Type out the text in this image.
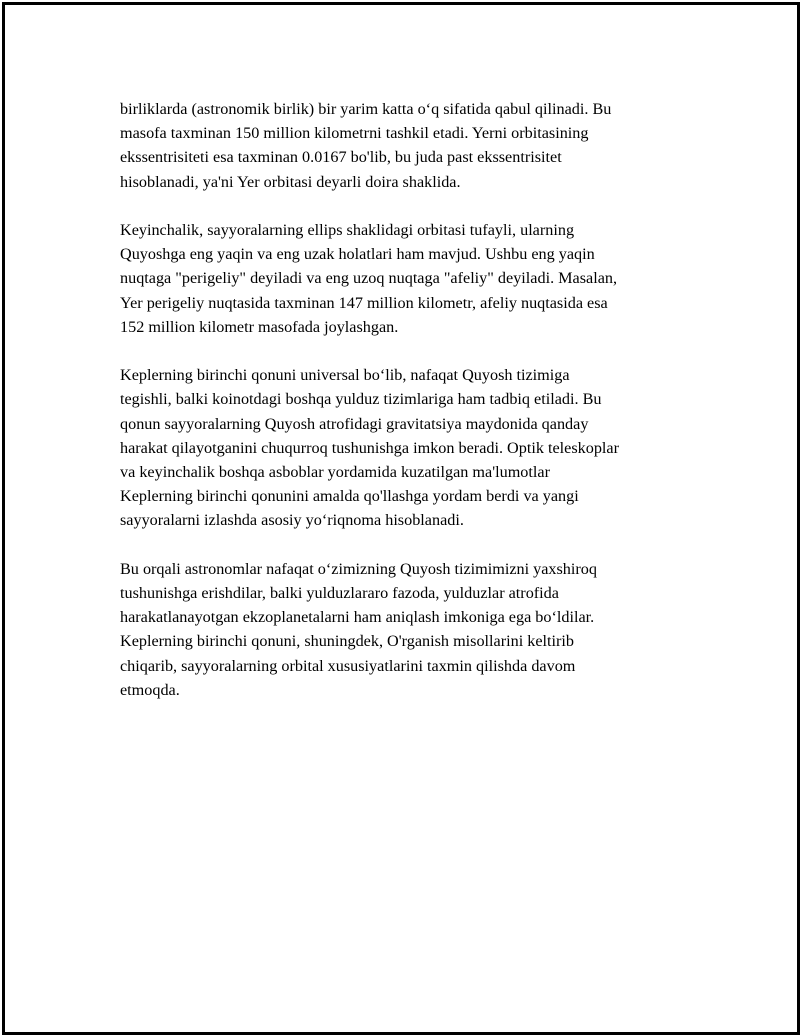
birliklarda (astronomik birlik) bir yarim katta o‘q sifatida qabul qilinadi. Bu
masofa taxminan 150 million kilometrni tashkil etadi. Yerni orbitasining
ekssentrisiteti esa taxminan 0.0167 bo'lib, bu juda past ekssentrisitet
hisoblanadi, ya'ni Yer orbitasi deyarli doira shaklida.

Keyinchalik, sayyoralarning ellips shaklidagi orbitasi tufayli, ularning
Quyoshga eng yaqin va eng uzak holatlari ham mavjud. Ushbu eng yaqin
nuqtaga "perigeliy" deyiladi va eng uzoq nuqtaga "afeliy" deyiladi. Masalan,
Yer perigeliy nuqtasida taxminan 147 million kilometr, afeliy nuqtasida esa
152 million kilometr masofada joylashgan.

Keplerning birinchi qonuni universal bo‘lib, nafaqat Quyosh tizimiga
tegishli, balki koinotdagi boshqa yulduz tizimlariga ham tadbiq etiladi. Bu
qonun sayyoralarning Quyosh atrofidagi gravitatsiya maydonida qanday
harakat qilayotganini chuqurroq tushunishga imkon beradi. Optik teleskoplar
va keyinchalik boshqa asboblar yordamida kuzatilgan ma'lumotlar
Keplerning birinchi qonunini amalda qo'llashga yordam berdi va yangi
sayyoralarni izlashda asosiy yo‘riqnoma hisoblanadi.

Bu orqali astronomlar nafaqat o‘zimizning Quyosh tizimimizni yaxshiroq
tushunishga erishdilar, balki yulduzlararo fazoda, yulduzlar atrofida
harakatlanayotgan ekzoplanetalarni ham aniqlash imkoniga ega bo‘ldilar.
Keplerning birinchi qonuni, shuningdek, O'rganish misollarini keltirib
chiqarib, sayyoralarning orbital xususiyatlarini taxmin qilishda davom
etmoqda.
